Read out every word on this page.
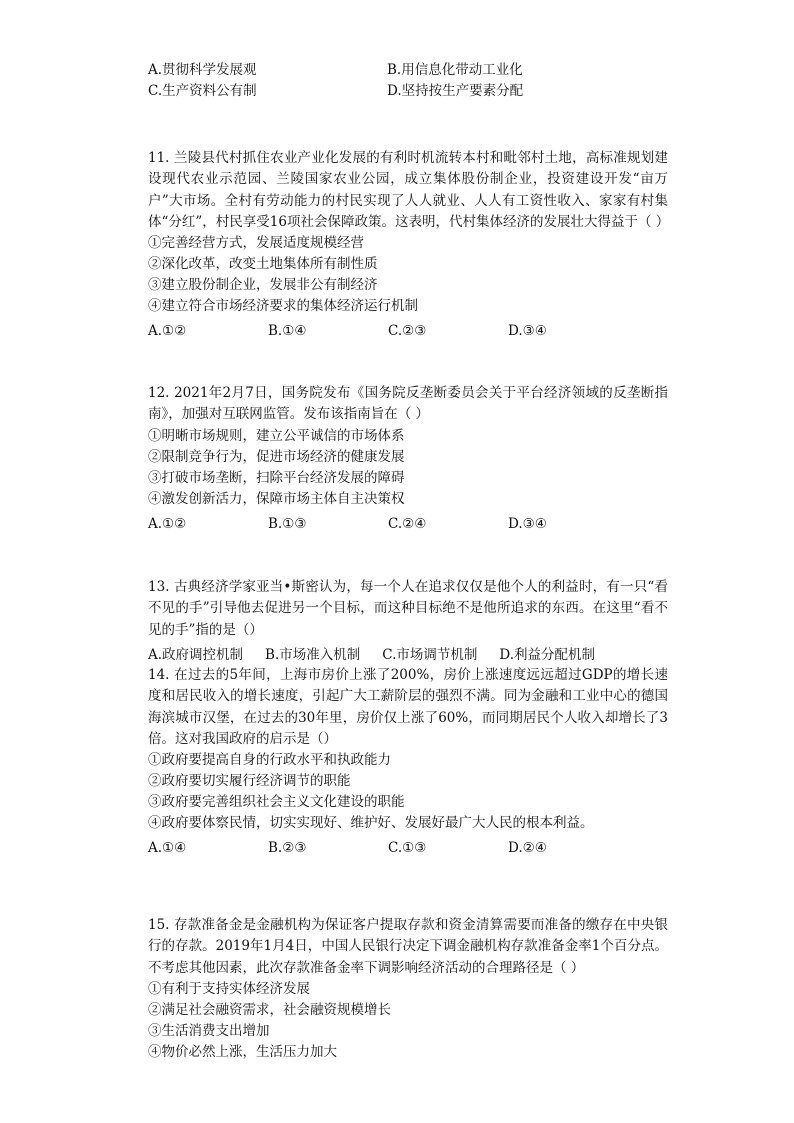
A.贯彻科学发展观	B.用信息化带动工业化
C.生产资料公有制	D.坚持按生产要素分配

11. 兰陵县代村抓住农业产业化发展的有利时机流转本村和毗邻村土地，高标准规划建设现代农业示范园、兰陵国家农业公园，成立集体股份制企业，投资建设开发“亩万户”大市场。全村有劳动能力的村民实现了人人就业、人人有工资性收入、家家有村集体“分红”，村民享受16项社会保障政策。这表明，代村集体经济的发展壮大得益于（ ）

①完善经营方式，发展适度规模经营
②深化改革，改变土地集体所有制性质
③建立股份制企业，发展非公有制经济
④建立符合市场经济要求的集体经济运行机制
A.①②	B.①④	C.②③	D.③④

12. 2021年2月7日，国务院发布《国务院反垄断委员会关于平台经济领域的反垄断指南》，加强对互联网监管。发布该指南旨在（ ）

①明晰市场规则，建立公平诚信的市场体系
②限制竞争行为，促进市场经济的健康发展
③打破市场垄断，扫除平台经济发展的障碍
④激发创新活力，保障市场主体自主决策权
A.①②	B.①③	C.②④	D.③④

13. 古典经济学家亚当•斯密认为，每一个人在追求仅仅是他个人的利益时，有一只“看不见的手”引导他去促进另一个目标，而这种目标绝不是他所追求的东西。在这里“看不见的手”指的是（）

A.政府调控机制 B.市场准入机制 C.市场调节机制 D.利益分配机制

14. 在过去的5年间，上海市房价上涨了200%，房价上涨速度远远超过GDP的增长速度和居民收入的增长速度，引起广大工薪阶层的强烈不满。同为金融和工业中心的德国海滨城市汉堡，在过去的30年里，房价仅上涨了60%，而同期居民个人收入却增长了3倍。这对我国政府的启示是（）

①政府要提高自身的行政水平和执政能力
②政府要切实履行经济调节的职能
③政府要完善组织社会主义文化建设的职能
④政府要体察民情，切实实现好、维护好、发展好最广大人民的根本利益。
A.①④	B.②③	C.①③	D.②④

15. 存款准备金是金融机构为保证客户提取存款和资金清算需要而准备的缴存在中央银行的存款。2019年1月4日，中国人民银行决定下调金融机构存款准备金率1个百分点。不考虑其他因素，此次存款准备金率下调影响经济活动的合理路径是（ ）

①有利于支持实体经济发展
②满足社会融资需求，社会融资规模增长
③生活消费支出增加
④物价必然上涨，生活压力加大
